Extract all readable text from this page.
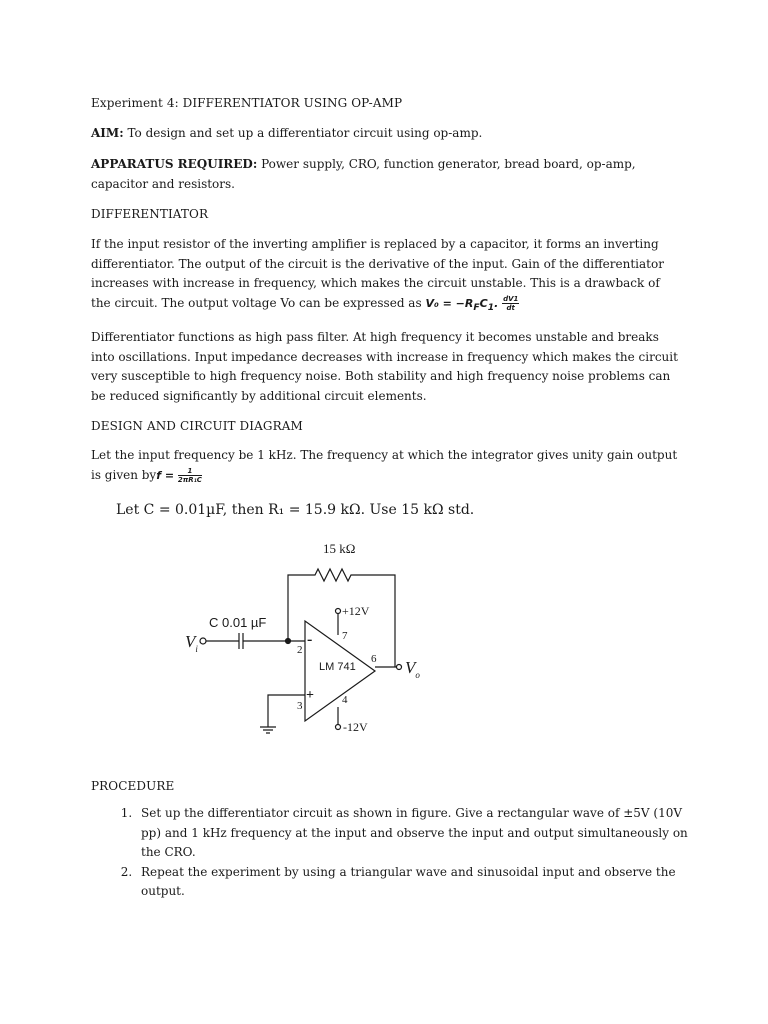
Experiment 4: DIFFERENTIATOR USING OP-AMP
AIM: To design and set up a differentiator circuit using op-amp.
APPARATUS REQUIRED: Power supply, CRO, function generator, bread board, op-amp, capacitor and resistors.
DIFFERENTIATOR
If the input resistor of the inverting amplifier is replaced by a capacitor, it forms an inverting differentiator. The output of the circuit is the derivative of the input. Gain of the differentiator increases with increase in frequency, which makes the circuit unstable. This is a drawback of the circuit. The output voltage Vo can be expressed as $V_0 = -R_FC_1$. $\frac{dV1}{dt}$
Differentiator functions as high pass filter. At high frequency it becomes unstable and breaks into oscillations. Input impedance decreases with increase in frequency which makes the circuit very susceptible to high frequency noise. Both stability and high frequency noise problems can be reduced significantly by additional circuit elements.
DESIGN AND CIRCUIT DIAGRAM
Let the input frequency be 1 kHz. The frequency at which the integrator gives unity gain output is given byf = $\frac{1}{\text{2πR₁C}}$
Let C = 0.01µF, then R₁ = 15.9 kΩ. Use 15 kΩ std.
15 kΩ
C 0.01 µF
$V_i$
-
+
2
3
LM 741
+12V
7
-12V
4
6 $V_o$
PROCEDURE
1. Set up the differentiator circuit as shown in figure. Give a rectangular wave of ±5V (10V pp) and 1 kHz frequency at the input and observe the input and output simultaneously on the CRO.
2. Repeat the experiment by using a triangular wave and sinusoidal input and observe the output.
